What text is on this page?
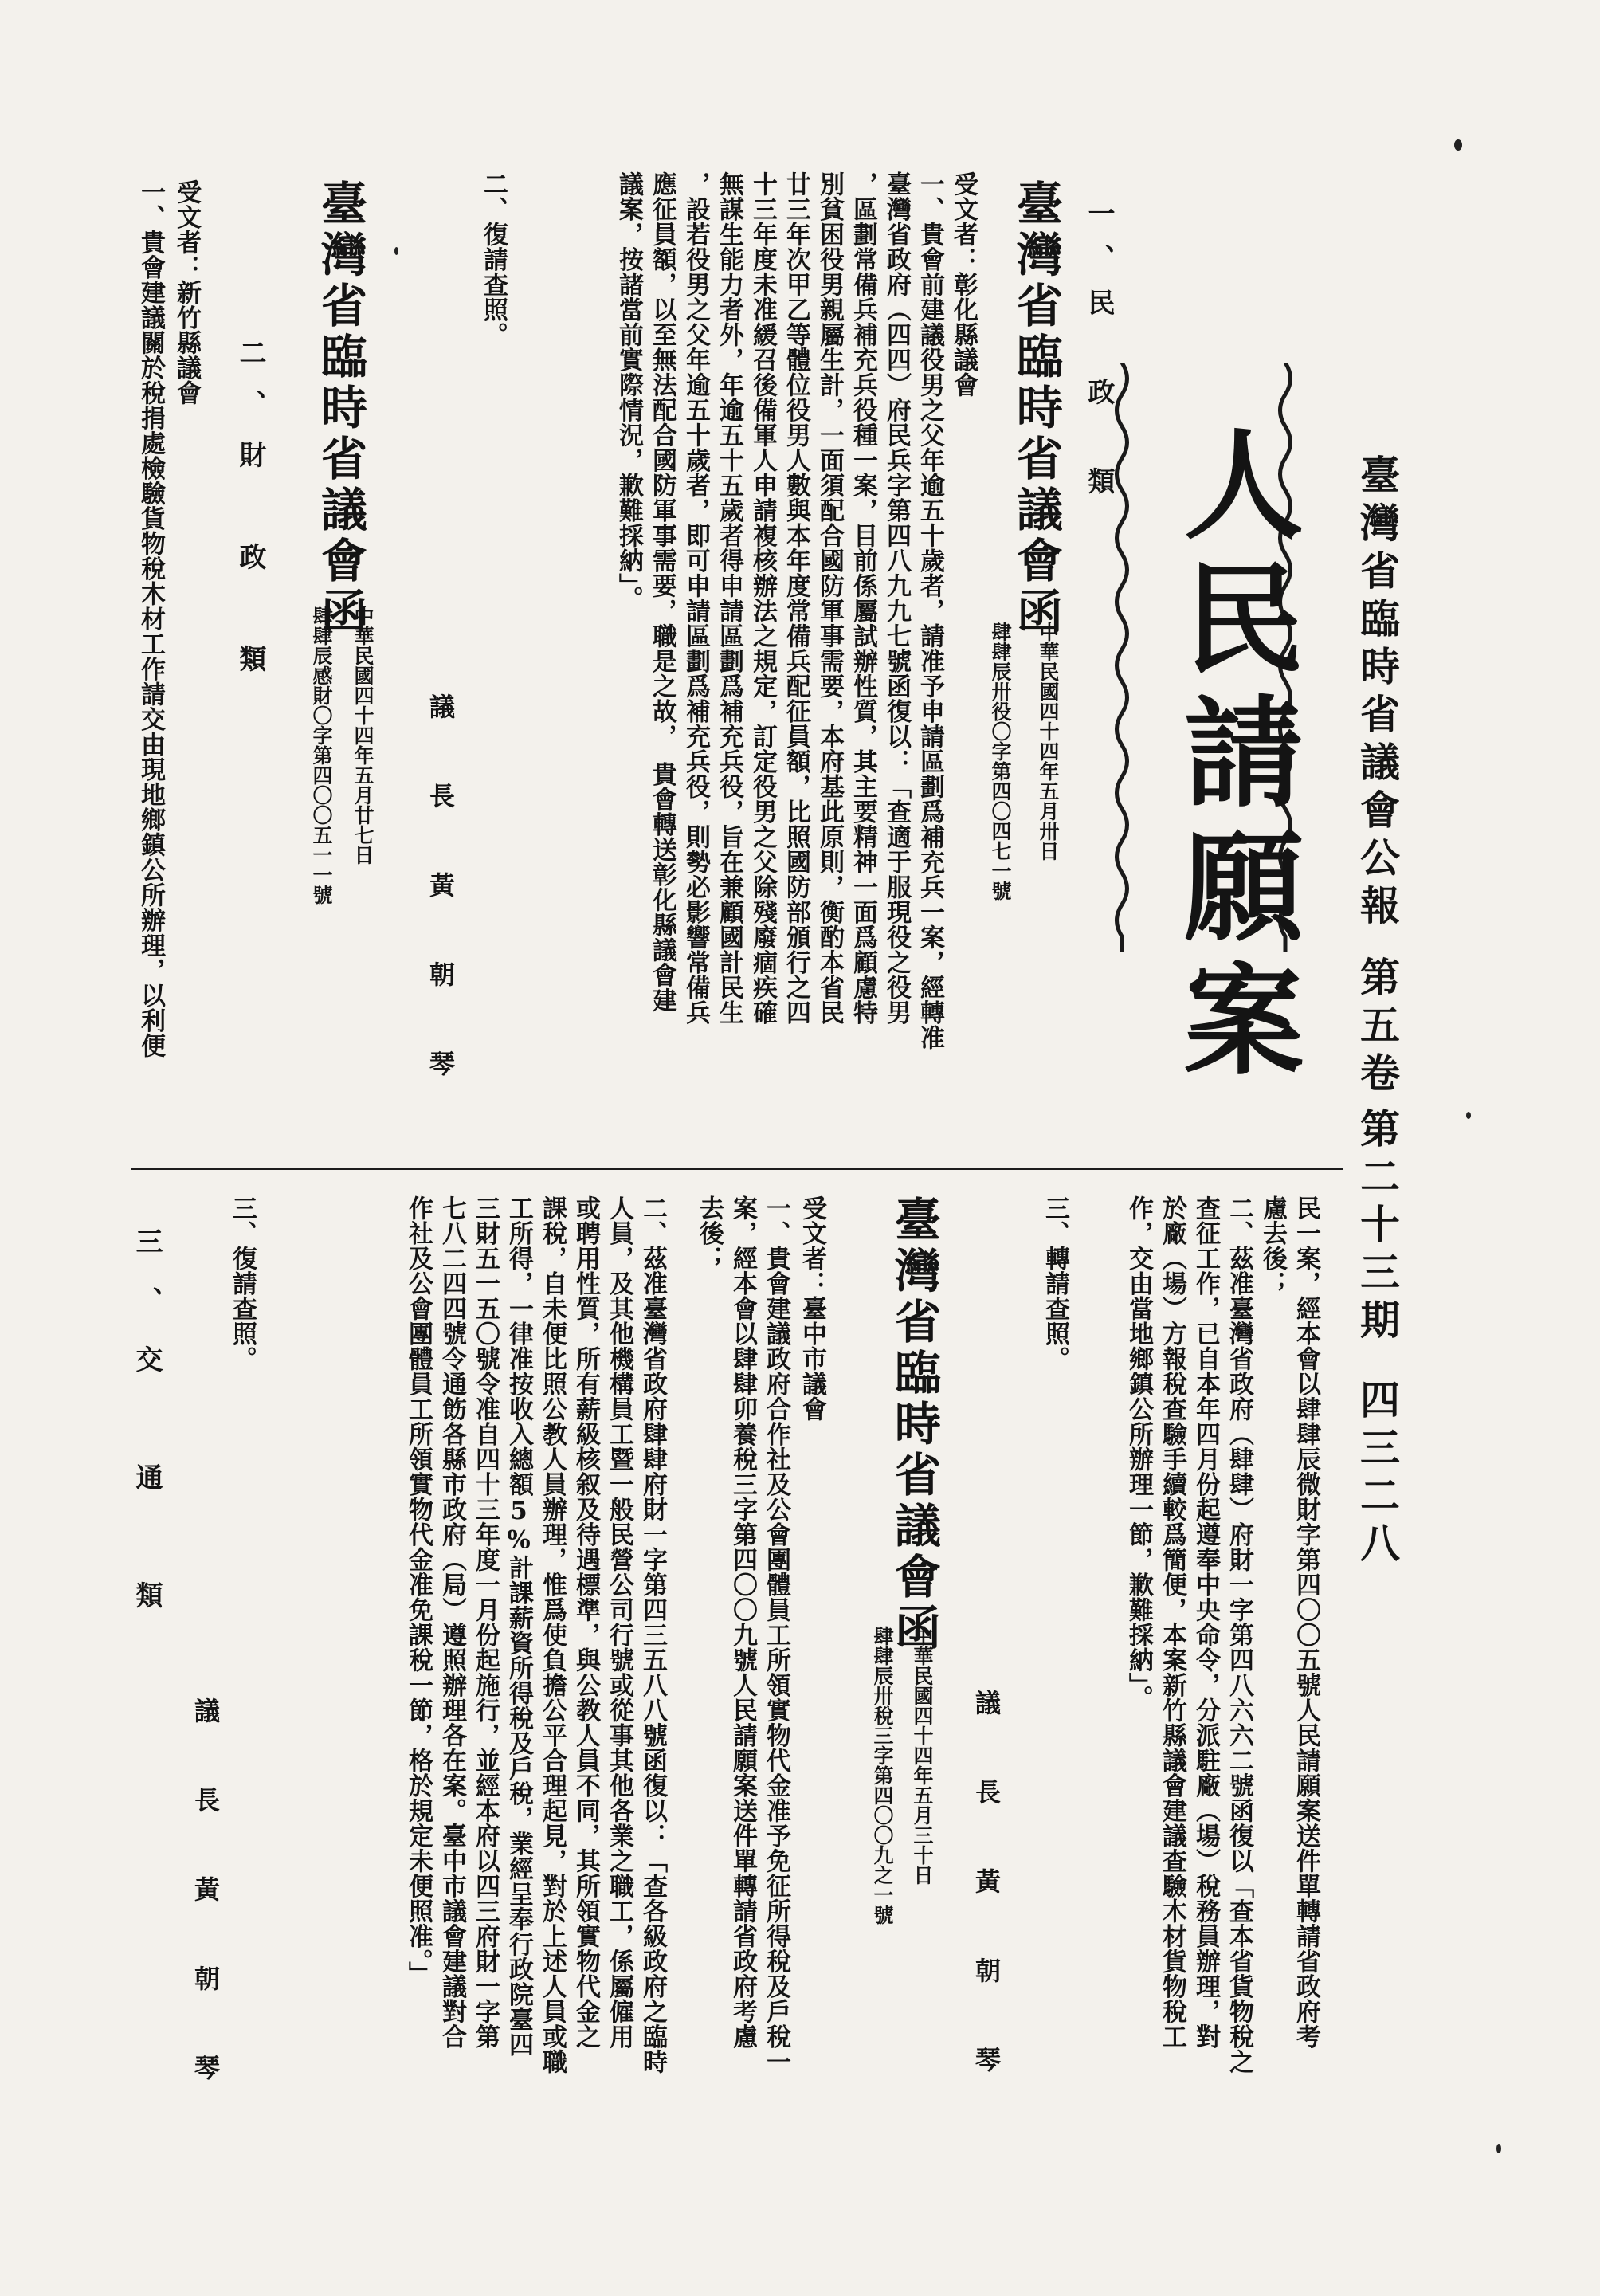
臺灣省臨時省議會公報
第五卷
第二十三期
四三二八
人民請願案
一、民　政　類
臺灣省臨時省議會函
中華民國四十四年五月卅日
肆肆辰卅役〇字第四〇四七一號
受文者：彰化縣議會
一、貴會前建議役男之父年逾五十歲者，請准予申請區劃爲補充兵一案，經轉准
臺灣省政府（四四）府民兵字第四八九九七號函復以：「查適于服現役之役男
，區劃常備兵補充兵役種一案，目前係屬試辦性質，其主要精神一面爲顧慮特
別貧困役男親屬生計，一面須配合國防軍事需要，本府基此原則，衡酌本省民
廿三年次甲乙等體位役男人數與本年度常備兵配征員額，比照國防部頒行之四
十三年度未准緩召後備軍人申請複核辦法之規定，訂定役男之父除殘廢痼疾確
無謀生能力者外，年逾五十五歲者得申請區劃爲補充兵役，旨在兼顧國計民生
，設若役男之父年逾五十歲者，即可申請區劃爲補充兵役，則勢必影響常備兵
應征員額，以至無法配合國防軍事需要，職是之故，　貴會轉送彰化縣議會建
議案，按諸當前實際情況，歉難採納」。
二、復請查照。
議　長　黃　朝　琴
臺灣省臨時省議會函
中華民國四十四年五月廿七日
肆肆辰感財〇字第四〇〇五一一號
二、財　政　類
受文者：新竹縣議會
一、貴會建議關於稅捐處檢驗貨物稅木材工作請交由現地鄉鎮公所辦理，以利便
民一案，經本會以肆肆辰微財字第四〇〇五號人民請願案送件單轉請省政府考
慮去後；
二、茲准臺灣省政府（肆肆）府財一字第四八六六二號函復以「查本省貨物稅之
查征工作，已自本年四月份起遵奉中央命令，分派駐廠（場）稅務員辦理，對
於廠（場）方報稅查驗手續較爲簡便，本案新竹縣議會建議查驗木材貨物稅工
作，交由當地鄉鎮公所辦理一節，歉難採納」。
三、轉請查照。
議　長　黃　朝　琴
臺灣省臨時省議會函
中華民國四十四年五月三十日
肆肆辰卅稅三字第四〇〇九之一號
受文者：臺中市議會
一、貴會建議政府合作社及公會團體員工所領實物代金准予免征所得稅及戶稅一
案，經本會以肆肆卯養稅三字第四〇〇九號人民請願案送件單轉請省政府考慮
去後；
二、茲准臺灣省政府肆肆府財一字第四三五八八號函復以：「查各級政府之臨時
人員，及其他機構員工暨一般民營公司行號或從事其他各業之職工，係屬僱用
或聘用性質，所有薪級核叙及待遇標準，與公教人員不同，其所領實物代金之
課稅，自未便比照公教人員辦理，惟爲使負擔公平合理起見，對於上述人員或職
工所得，一律准按收入總額5%計課薪資所得稅及戶稅，業經呈奉行政院臺四
三財五一五〇號令准自四十三年度一月份起施行，並經本府以四三府財一字第
七八二四四號令通飭各縣市政府（局）遵照辦理各在案。臺中市議會建議對合
作社及公會團體員工所領實物代金准免課稅一節，格於規定未便照准。」
三、復請查照。
議　長　黃　朝　琴
三、交　通　類
